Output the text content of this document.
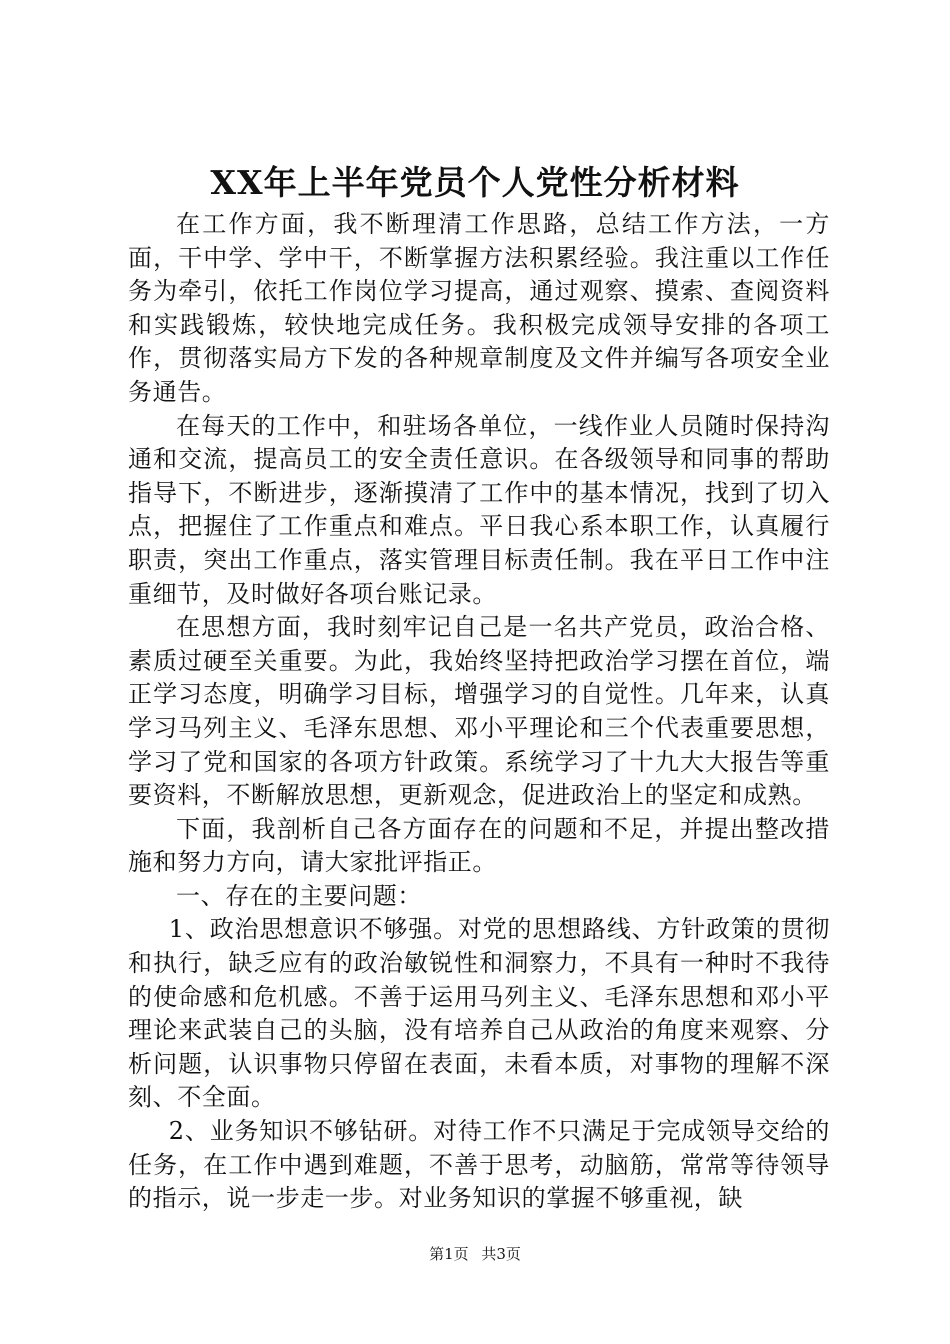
XX年上半年党员个人党性分析材料

在工作方面，我不断理清工作思路，总结工作方法，一方面，干中学、学中干，不断掌握方法积累经验。我注重以工作任务为牵引，依托工作岗位学习提高，通过观察、摸索、查阅资料和实践锻炼，较快地完成任务。我积极完成领导安排的各项工作，贯彻落实局方下发的各种规章制度及文件并编写各项安全业务通告。

在每天的工作中，和驻场各单位，一线作业人员随时保持沟通和交流，提高员工的安全责任意识。在各级领导和同事的帮助指导下，不断进步，逐渐摸清了工作中的基本情况，找到了切入点，把握住了工作重点和难点。平日我心系本职工作，认真履行职责，突出工作重点，落实管理目标责任制。我在平日工作中注重细节，及时做好各项台账记录。

在思想方面，我时刻牢记自己是一名共产党员，政治合格、素质过硬至关重要。为此，我始终坚持把政治学习摆在首位，端正学习态度，明确学习目标，增强学习的自觉性。几年来，认真学习马列主义、毛泽东思想、邓小平理论和三个代表重要思想，学习了党和国家的各项方针政策。系统学习了十九大大报告等重要资料，不断解放思想，更新观念，促进政治上的坚定和成熟。

下面，我剖析自己各方面存在的问题和不足，并提出整改措施和努力方向，请大家批评指正。

一、存在的主要问题：

1、政治思想意识不够强。对党的思想路线、方针政策的贯彻和执行，缺乏应有的政治敏锐性和洞察力，不具有一种时不我待的使命感和危机感。不善于运用马列主义、毛泽东思想和邓小平理论来武装自己的头脑，没有培养自己从政治的角度来观察、分析问题，认识事物只停留在表面，未看本质，对事物的理解不深刻、不全面。

2、业务知识不够钻研。对待工作不只满足于完成领导交给的任务，在工作中遇到难题，不善于思考，动脑筋，常常等待领导的指示，说一步走一步。对业务知识的掌握不够重视，缺

第1页 共3页
